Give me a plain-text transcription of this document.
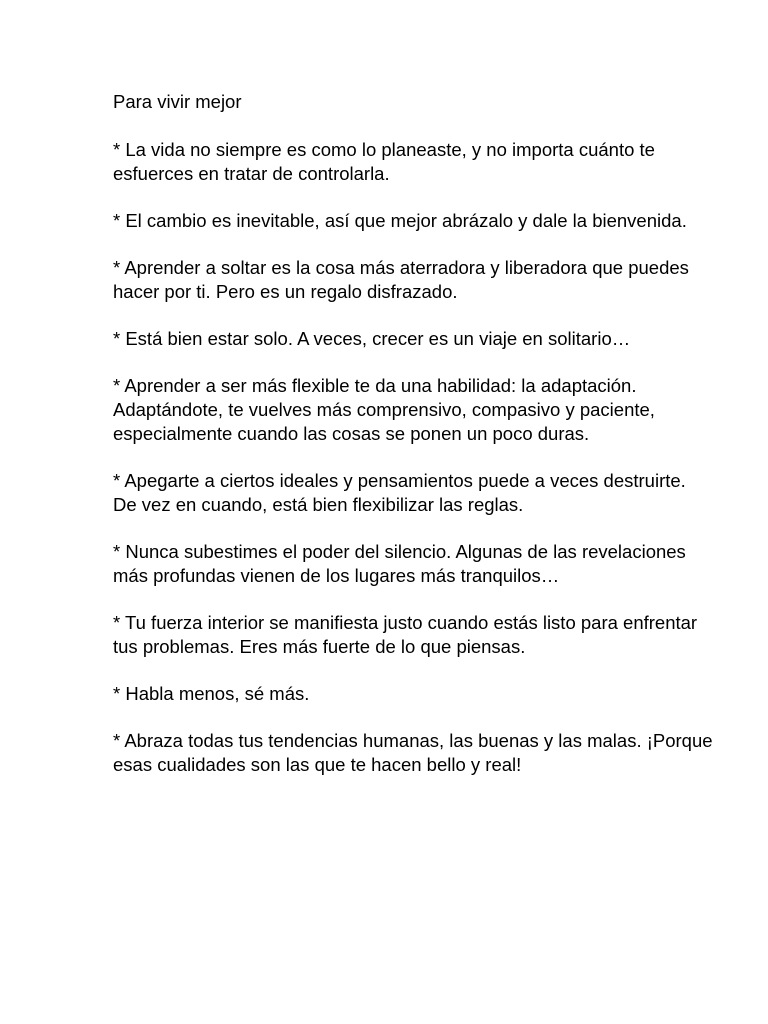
Para vivir mejor

* La vida no siempre es como lo planeaste, y no importa cuánto te esfuerces en tratar de controlarla.

* El cambio es inevitable, así que mejor abrázalo y dale la bienvenida.

* Aprender a soltar es la cosa más aterradora y liberadora que puedes hacer por ti. Pero es un regalo disfrazado.

* Está bien estar solo. A veces, crecer es un viaje en solitario…

* Aprender a ser más flexible te da una habilidad: la adaptación. Adaptándote, te vuelves más comprensivo, compasivo y paciente, especialmente cuando las cosas se ponen un poco duras.

* Apegarte a ciertos ideales y pensamientos puede a veces destruirte. De vez en cuando, está bien flexibilizar las reglas.

* Nunca subestimes el poder del silencio. Algunas de las revelaciones más profundas vienen de los lugares más tranquilos…

* Tu fuerza interior se manifiesta justo cuando estás listo para enfrentar tus problemas. Eres más fuerte de lo que piensas.

* Habla menos, sé más.

* Abraza todas tus tendencias humanas, las buenas y las malas. ¡Porque esas cualidades son las que te hacen bello y real!
